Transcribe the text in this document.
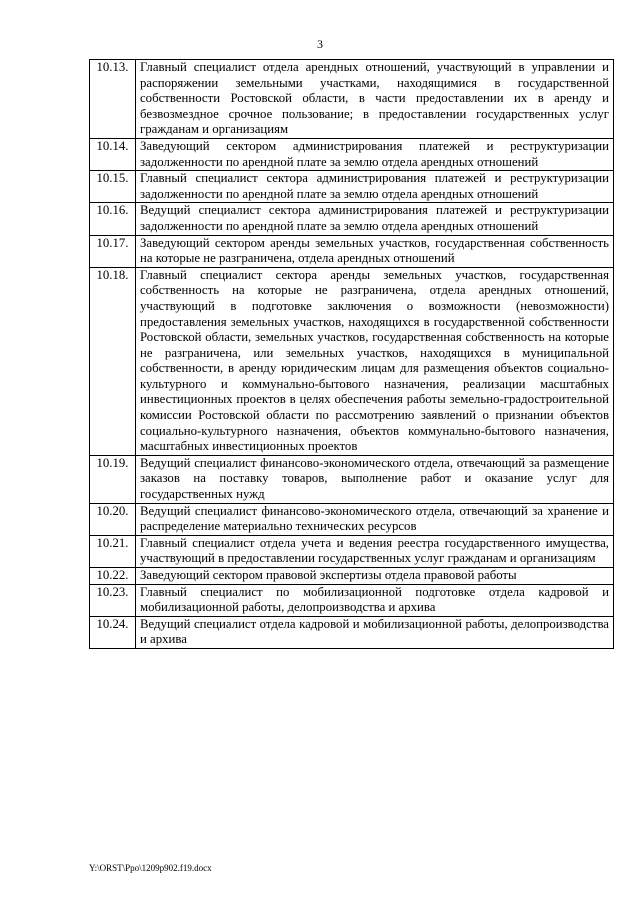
3
10.13.	Главный специалист отдела арендных отношений, участвующий в управлении и распоряжении земельными участками, находящимися в государственной собственности Ростовской области, в части предоставлении их в аренду и безвозмездное срочное пользование; в предоставлении государственных услуг гражданам и организациям
10.14.	Заведующий сектором администрирования платежей и реструктуризации задолженности по арендной плате за землю отдела арендных отношений
10.15.	Главный специалист сектора администрирования платежей и реструктуризации задолженности по арендной плате за землю отдела арендных отношений
10.16.	Ведущий специалист сектора администрирования платежей и реструктуризации задолженности по арендной плате за землю отдела арендных отношений
10.17.	Заведующий сектором аренды земельных участков, государственная собственность на которые не разграничена, отдела арендных отношений
10.18.	Главный специалист сектора аренды земельных участков, государственная собственность на которые не разграничена, отдела арендных отношений, участвующий в подготовке заключения о возможности (невозможности) предоставления земельных участков, находящихся в государственной собственности Ростовской области, земельных участков, государственная собственность на которые не разграничена, или земельных участков, находящихся в муниципальной собственности, в аренду юридическим лицам для размещения объектов социально-культурного и коммунально-бытового назначения, реализации масштабных инвестиционных проектов в целях обеспечения работы земельно-градостроительной комиссии Ростовской области по рассмотрению заявлений о признании объектов социально-культурного назначения, объектов коммунально-бытового назначения, масштабных инвестиционных проектов
10.19.	Ведущий специалист финансово-экономического отдела, отвечающий за размещение заказов на поставку товаров, выполнение работ и оказание услуг для государственных нужд
10.20.	Ведущий специалист финансово-экономического отдела, отвечающий за хранение и распределение материально технических ресурсов
10.21.	Главный специалист отдела учета и ведения реестра государственного имущества, участвующий в предоставлении государственных услуг гражданам и организациям
10.22.	Заведующий сектором правовой экспертизы отдела правовой работы
10.23.	Главный специалист по мобилизационной подготовке отдела кадровой и мобилизационной работы, делопроизводства и архива
10.24.	Ведущий специалист отдела кадровой и мобилизационной работы, делопроизводства и архива
Y:\ORST\Ppo\1209p902.f19.docx
